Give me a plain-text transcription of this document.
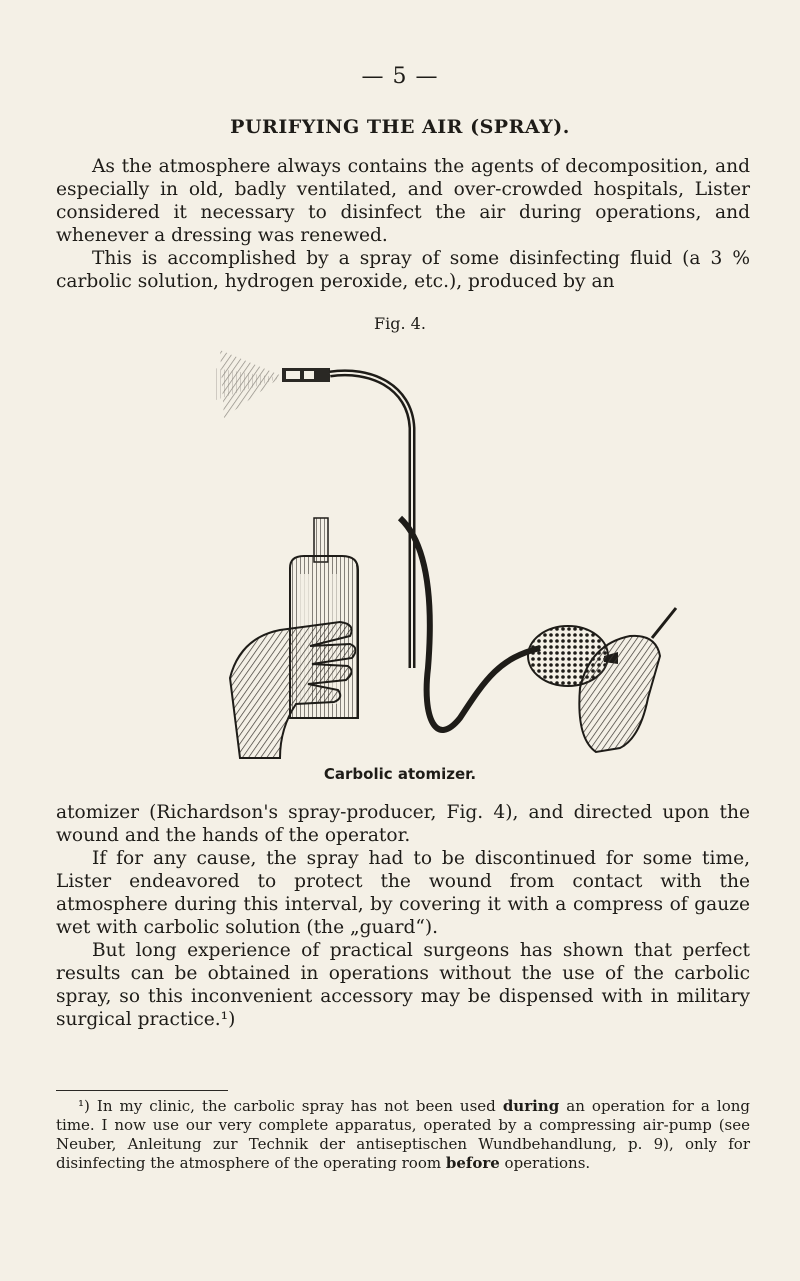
— 5 —
PURIFYING THE AIR (SPRAY).

As the atmosphere always contains the agents of decomposition, and especially in old, badly ventilated, and over-crowded hospitals, Lister considered it necessary to disinfect the air during operations, and whenever a dressing was renewed.

This is accomplished by a spray of some disinfecting fluid (a 3 % carbolic solution, hydrogen peroxide, etc.), produced by an

Fig. 4.
Carbolic atomizer.

atomizer (Richardson's spray-producer, Fig. 4), and directed upon the wound and the hands of the operator.

If for any cause, the spray had to be discontinued for some time, Lister endeavored to protect the wound from contact with the atmosphere during this interval, by covering it with a compress of gauze wet with carbolic solution (the „guard“).

But long experience of practical surgeons has shown that perfect results can be obtained in operations without the use of the carbolic spray, so this inconvenient accessory may be dispensed with in military surgical practice.¹)

¹) In my clinic, the carbolic spray has not been used during an operation for a long time. I now use our very complete apparatus, operated by a compressing air-pump (see Neuber, Anleitung zur Technik der antiseptischen Wundbehandlung, p. 9), only for disinfecting the atmosphere of the operating room before operations.
